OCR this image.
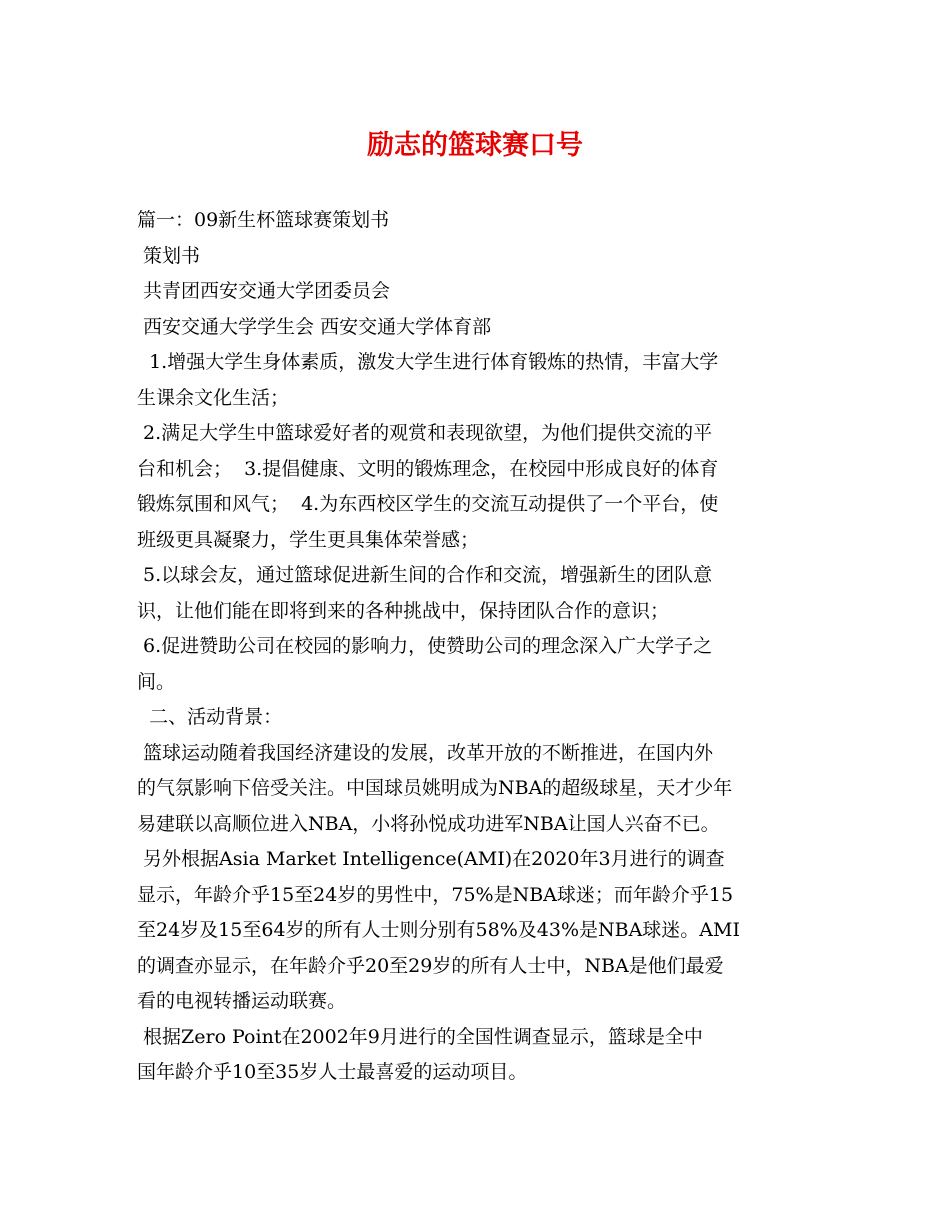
励志的篮球赛口号
篇一：09新生杯篮球赛策划书
策划书
共青团西安交通大学团委员会
西安交通大学学生会 西安交通大学体育部
1.增强大学生身体素质，激发大学生进行体育锻炼的热情，丰富大学
生课余文化生活；
2.满足大学生中篮球爱好者的观赏和表现欲望，为他们提供交流的平
台和机会；  3.提倡健康、文明的锻炼理念，在校园中形成良好的体育
锻炼氛围和风气；  4.为东西校区学生的交流互动提供了一个平台，使
班级更具凝聚力，学生更具集体荣誉感；
5.以球会友，通过篮球促进新生间的合作和交流，增强新生的团队意
识，让他们能在即将到来的各种挑战中，保持团队合作的意识；
6.促进赞助公司在校园的影响力，使赞助公司的理念深入广大学子之
间。
二、活动背景：
篮球运动随着我国经济建设的发展，改革开放的不断推进，在国内外
的气氛影响下倍受关注。中国球员姚明成为NBA的超级球星，天才少年
易建联以高顺位进入NBA，小将孙悦成功进军NBA让国人兴奋不已。
另外根据Asia Market Intelligence(AMI)在2020年3月进行的调查
显示，年龄介乎15至24岁的男性中，75%是NBA球迷；而年龄介乎15
至24岁及15至64岁的所有人士则分别有58%及43%是NBA球迷。AMI
的调查亦显示，在年龄介乎20至29岁的所有人士中，NBA是他们最爱
看的电视转播运动联赛。
根据Zero Point在2002年9月进行的全国性调查显示，篮球是全中
国年龄介乎10至35岁人士最喜爱的运动项目。
